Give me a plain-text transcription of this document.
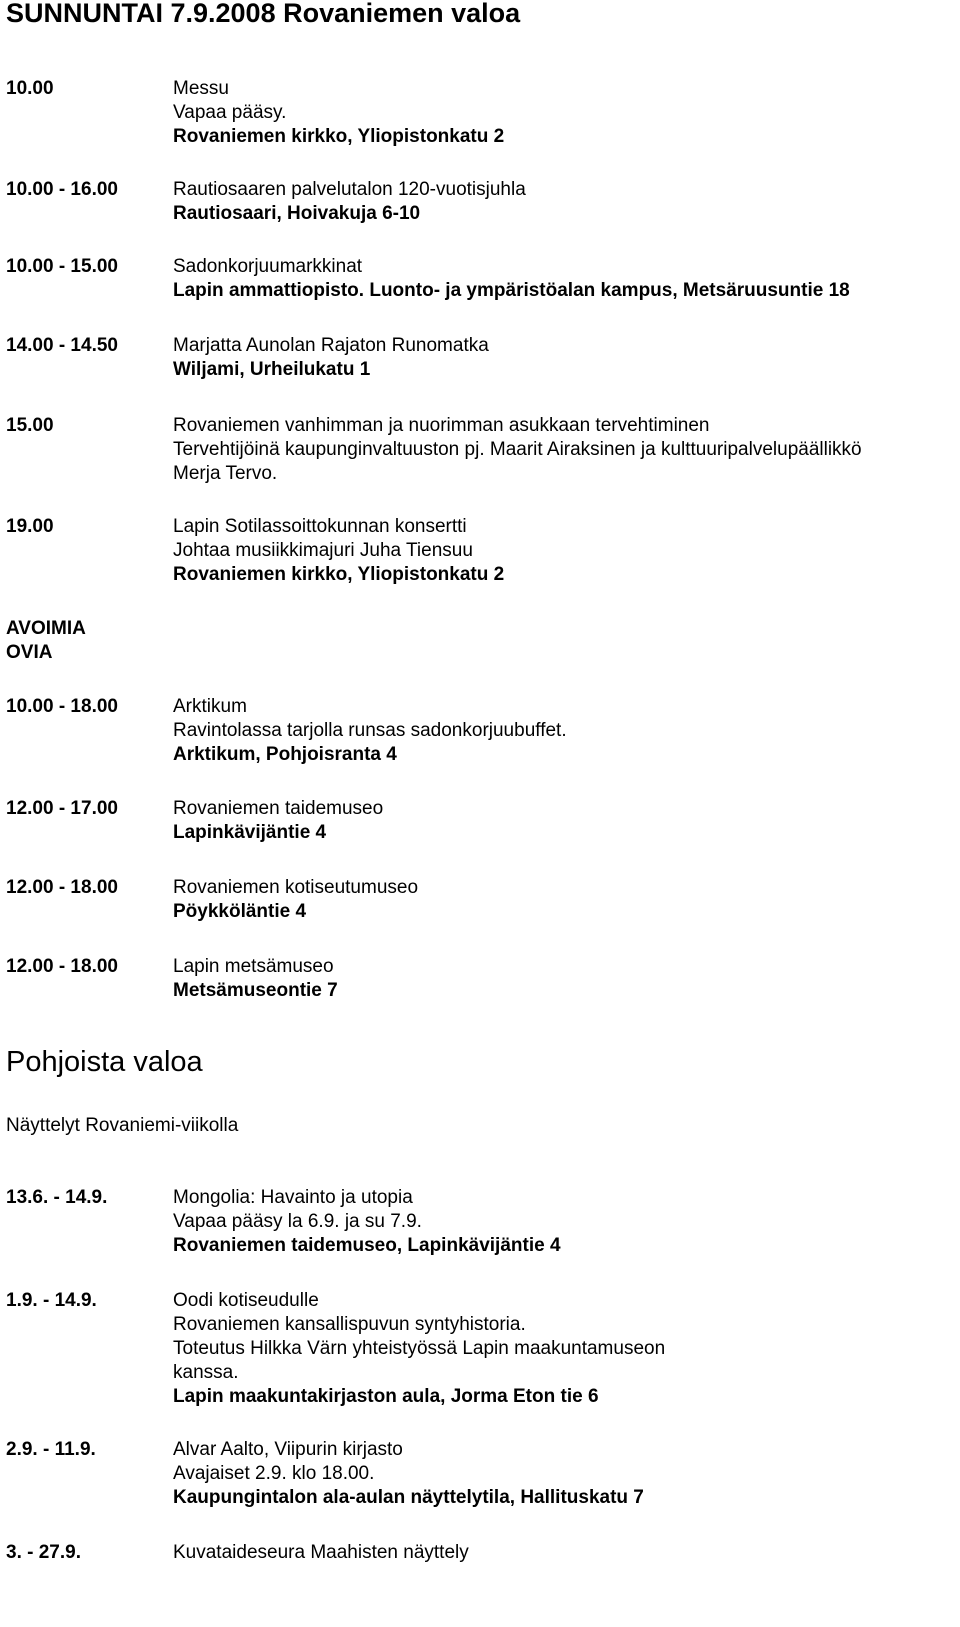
SUNNUNTAI 7.9.2008 Rovaniemen valoa
10.00	Messu
Vapaa pääsy.
Rovaniemen kirkko, Yliopistonkatu 2
10.00 - 16.00	Rautiosaaren palvelutalon 120-vuotisjuhla
Rautiosaari, Hoivakuja 6-10
10.00 - 15.00	Sadonkorjuumarkkinat
Lapin ammattiopisto. Luonto- ja ympäristöalan kampus, Metsäruusuntie 18
14.00 - 14.50	Marjatta Aunolan Rajaton Runomatka
Wiljami, Urheilukatu 1
15.00	Rovaniemen vanhimman ja nuorimman asukkaan tervehtiminen
Tervehtijöinä kaupunginvaltuuston pj. Maarit Airaksinen ja kulttuuripalvelupäällikkö
Merja Tervo.
19.00	Lapin Sotilassoittokunnan konsertti
Johtaa musiikkimajuri Juha Tiensuu
Rovaniemen kirkko, Yliopistonkatu 2
AVOIMIA
OVIA
10.00 - 18.00	Arktikum
Ravintolassa tarjolla runsas sadonkorjuubuffet.
Arktikum, Pohjoisranta 4
12.00 - 17.00	Rovaniemen taidemuseo
Lapinkävijäntie 4
12.00 - 18.00	Rovaniemen kotiseutumuseo
Pöykköläntie 4
12.00 - 18.00	Lapin metsämuseo
Metsämuseontie 7
Pohjoista valoa
Näyttelyt Rovaniemi-viikolla
13.6. - 14.9.	Mongolia: Havainto ja utopia
Vapaa pääsy la 6.9. ja su 7.9.
Rovaniemen taidemuseo, Lapinkävijäntie 4
1.9. - 14.9.	Oodi kotiseudulle
Rovaniemen kansallispuvun syntyhistoria.
Toteutus Hilkka Värn yhteistyössä Lapin maakuntamuseon
kanssa.
Lapin maakuntakirjaston aula, Jorma Eton tie 6
2.9. - 11.9.	Alvar Aalto, Viipurin kirjasto
Avajaiset 2.9. klo 18.00.
Kaupungintalon ala-aulan näyttelytila, Hallituskatu 7
3. - 27.9.	Kuvataideseura Maahisten näyttely
